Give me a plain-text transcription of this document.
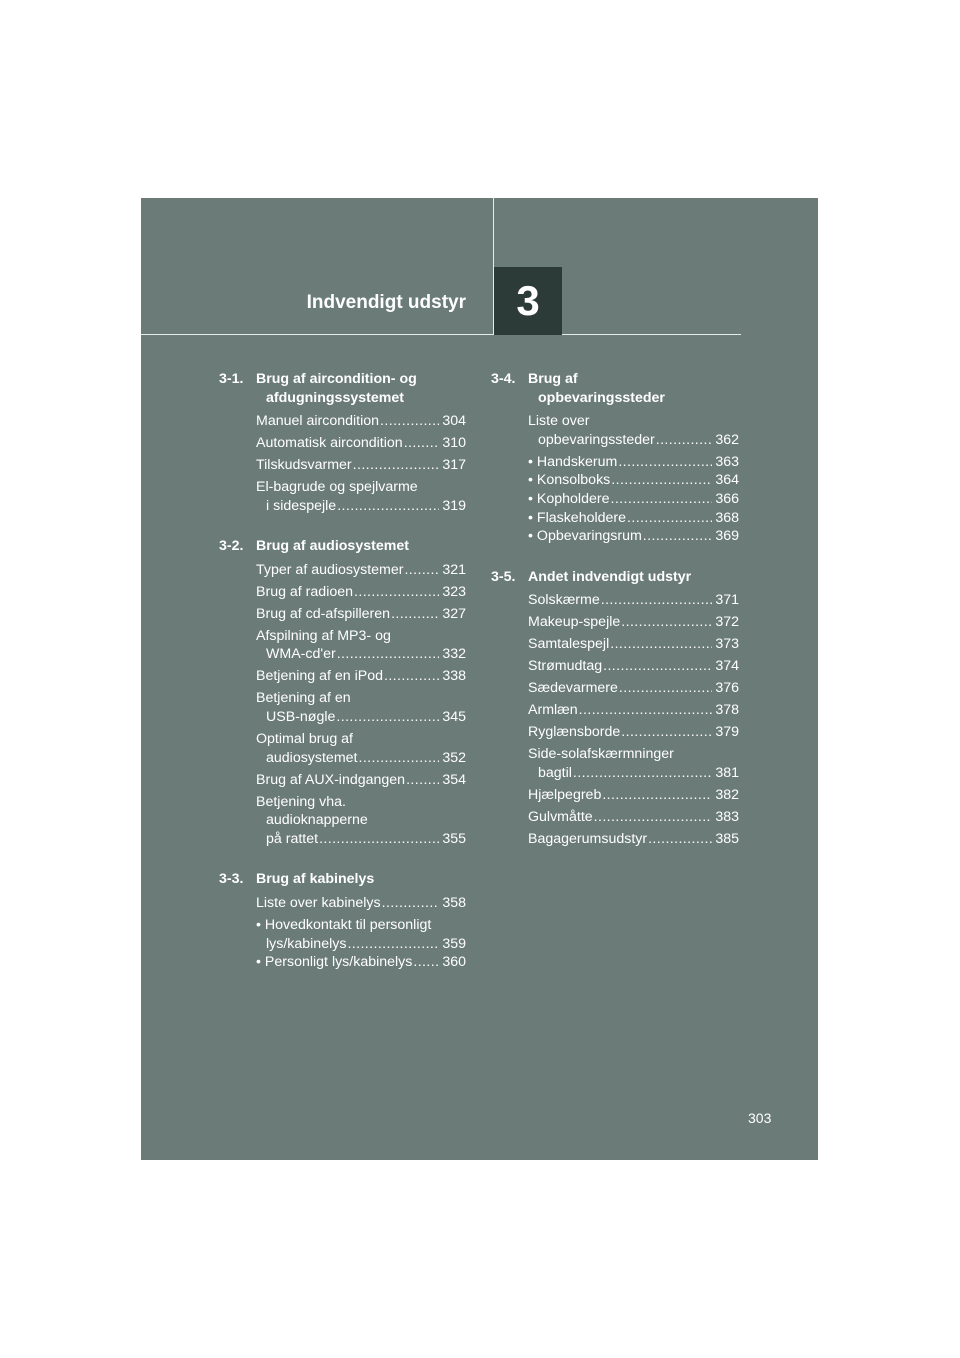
Indvendigt udstyr 3
3-1. Brug af aircondition- og
afdugningssystemet
Manuel aircondition .....	304
Automatisk aircondition .....	310
Tilskudsvarmer .....	317
El-bagrude og spejlvarme
i sidespejle .....	319
3-2. Brug af audiosystemet
Typer af audiosystemer .....	321
Brug af radioen .....	323
Brug af cd-afspilleren .....	327
Afspilning af MP3- og
WMA-cd'er .....	332
Betjening af en iPod .....	338
Betjening af en
USB-nøgle .....	345
Optimal brug af
audiosystemet .....	352
Brug af AUX-indgangen .....	354
Betjening vha.
audioknapperne
på rattet .....	355
3-3. Brug af kabinelys
Liste over kabinelys .....	358
• Hovedkontakt til personligt
lys/kabinelys .....	359
• Personligt lys/kabinelys ..... 360
3-4. Brug af
opbevaringssteder
Liste over
opbevaringssteder .....	362
• Handskerum .....	363
• Konsolboks .....	364
• Kopholdere .....	366
• Flaskeholdere .....	368
• Opbevaringsrum .....	369
3-5. Andet indvendigt udstyr
Solskærme .....	371
Makeup-spejle .....	372
Samtalespejl .....	373
Strømudtag .....	374
Sædevarmere .....	376
Armlæn .....	378
Ryglænsborde .....	379
Side-solafskærmninger
bagtil .....	381
Hjælpegreb .....	382
Gulvmåtte .....	383
Bagagerumsudstyr .....	385
303
